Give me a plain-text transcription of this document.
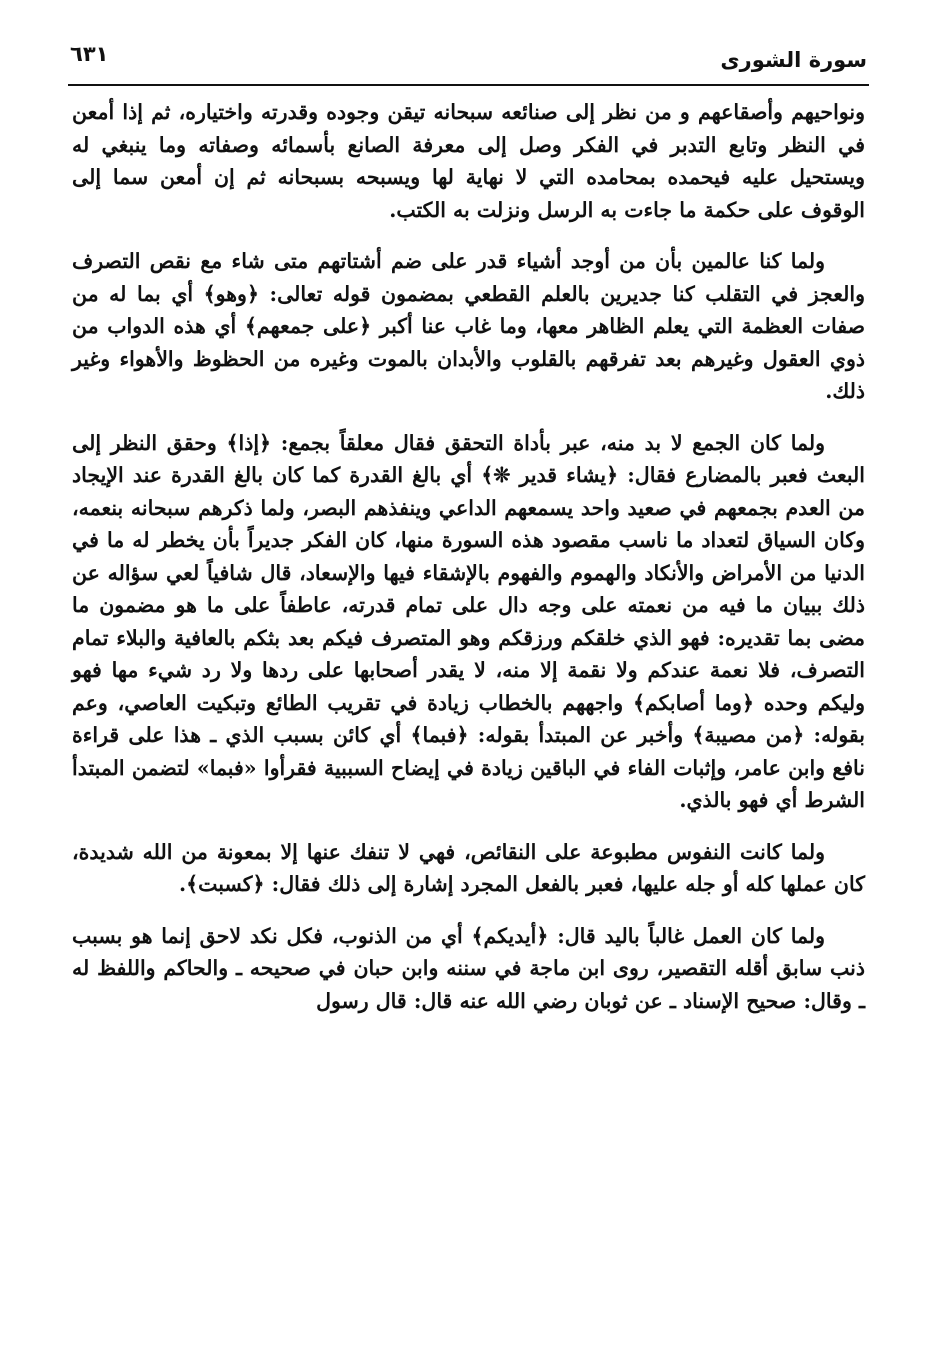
سورة الشورى
٦٣١

ونواحيهم وأصقاعهم و من نظر إلى صنائعه سبحانه تيقن وجوده وقدرته واختياره، ثم إذا أمعن في النظر وتابع التدبر في الفكر وصل إلى معرفة الصانع بأسمائه وصفاته وما ينبغي له ويستحيل عليه فيحمده بمحامده التي لا نهاية لها ويسبحه بسبحانه ثم إن أمعن سما إلى الوقوف على حكمة ما جاءت به الرسل ونزلت به الكتب.

ولما كنا عالمين بأن من أوجد أشياء قدر على ضم أشتاتهم متى شاء مع نقص التصرف والعجز في التقلب كنا جديرين بالعلم القطعي بمضمون قوله تعالى: ﴿وهو﴾ أي بما له من صفات العظمة التي يعلم الظاهر معها، وما غاب عنا أكبر ﴿على جمعهم﴾ أي هذه الدواب من ذوي العقول وغيرهم بعد تفرقهم بالقلوب والأبدان بالموت وغيره من الحظوظ والأهواء وغير ذلك.

ولما كان الجمع لا بد منه، عبر بأداة التحقق فقال معلقاً بجمع: ﴿إذا﴾ وحقق النظر إلى البعث فعبر بالمضارع فقال: ﴿يشاء قدير ❊﴾ أي بالغ القدرة كما كان بالغ القدرة عند الإيجاد من العدم بجمعهم في صعيد واحد يسمعهم الداعي وينفذهم البصر، ولما ذكرهم سبحانه بنعمه، وكان السياق لتعداد ما ناسب مقصود هذه السورة منها، كان الفكر جديراً بأن يخطر له ما في الدنيا من الأمراض والأنكاد والهموم والفهوم بالإشقاء فيها والإسعاد، قال شافياً لعي سؤاله عن ذلك ببيان ما فيه من نعمته على وجه دال على تمام قدرته، عاطفاً على ما هو مضمون ما مضى بما تقديره: فهو الذي خلقكم ورزقكم وهو المتصرف فيكم بعد بثكم بالعافية والبلاء تمام التصرف، فلا نعمة عندكم ولا نقمة إلا منه، لا يقدر أصحابها على ردها ولا رد شيء مها فهو وليكم وحده ﴿وما أصابكم﴾ واجههم بالخطاب زيادة في تقريب الطائع وتبكيت العاصي، وعم بقوله: ﴿من مصيبة﴾ وأخبر عن المبتدأ بقوله: ﴿فبما﴾ أي كائن بسبب الذي ـ هذا على قراءة نافع وابن عامر، وإثبات الفاء في الباقين زيادة في إيضاح السببية فقرأوا «فبما» لتضمن المبتدأ الشرط أي فهو بالذي.

ولما كانت النفوس مطبوعة على النقائص، فهي لا تنفك عنها إلا بمعونة من الله شديدة، كان عملها كله أو جله عليها، فعبر بالفعل المجرد إشارة إلى ذلك فقال: ﴿كسبت﴾.

ولما كان العمل غالباً باليد قال: ﴿أيديكم﴾ أي من الذنوب، فكل نكد لاحق إنما هو بسبب ذنب سابق أقله التقصير، روى ابن ماجة في سننه وابن حبان في صحيحه ـ والحاكم واللفظ له ـ وقال: صحيح الإسناد ـ عن ثوبان رضي الله عنه قال: قال رسول
